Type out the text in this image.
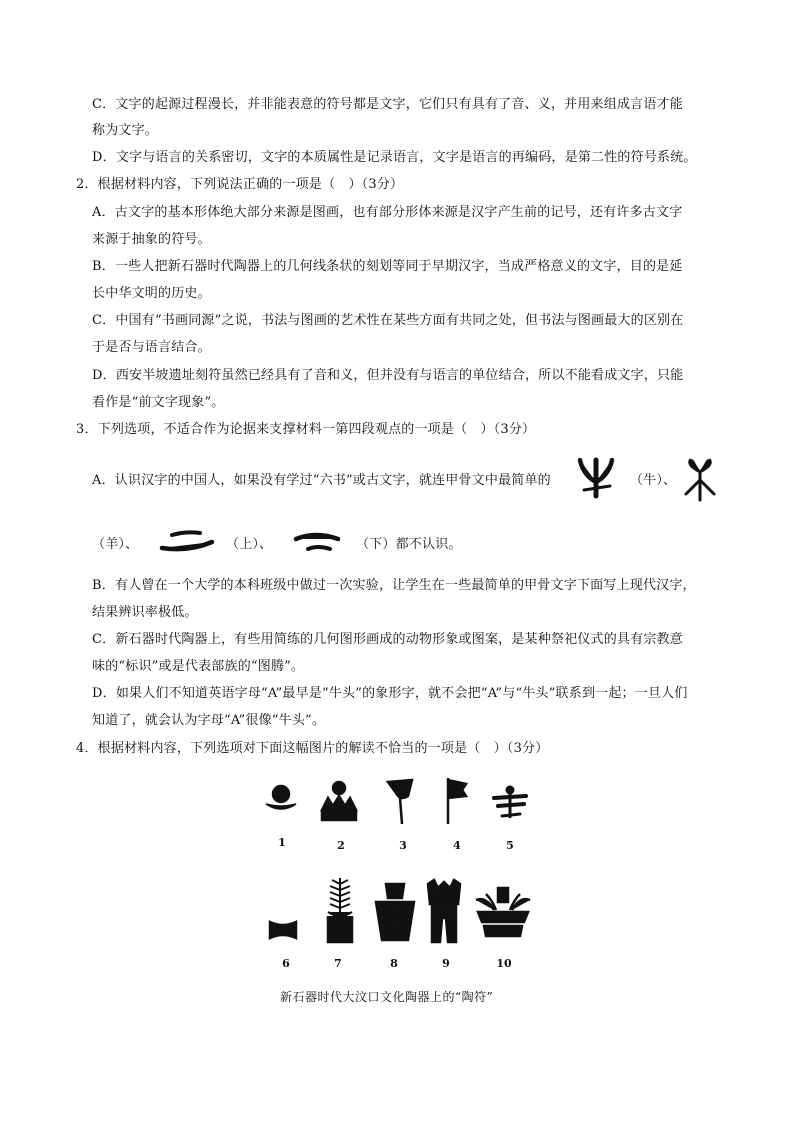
C．文字的起源过程漫长，并非能表意的符号都是文字，它们只有具有了音、义，并用来组成言语才能
称为文字。
D．文字与语言的关系密切，文字的本质属性是记录语言，文字是语言的再编码，是第二性的符号系统。
2．根据材料内容，下列说法正确的一项是（　）（3分）
A．古文字的基本形体绝大部分来源是图画，也有部分形体来源是汉字产生前的记号，还有许多古文字
来源于抽象的符号。
B．一些人把新石器时代陶器上的几何线条状的刻划等同于早期汉字，当成严格意义的文字，目的是延
长中华文明的历史。
C．中国有“书画同源”之说，书法与图画的艺术性在某些方面有共同之处，但书法与图画最大的区别在
于是否与语言结合。
D．西安半坡遗址刻符虽然已经具有了音和义，但并没有与语言的单位结合，所以不能看成文字，只能
看作是“前文字现象”。
3．下列选项，不适合作为论据来支撑材料一第四段观点的一项是（　）（3分）
A．认识汉字的中国人，如果没有学过“六书”或古文字，就连甲骨文中最简单的	（牛）、
（羊）、	（上）、	（下）都不认识。
B．有人曾在一个大学的本科班级中做过一次实验，让学生在一些最简单的甲骨文字下面写上现代汉字，
结果辨识率极低。
C．新石器时代陶器上，有些用简练的几何图形画成的动物形象或图案，是某种祭祀仪式的具有宗教意
味的“标识”或是代表部族的“图腾”。
D．如果人们不知道英语字母“A”最早是“牛头”的象形字，就不会把“A”与“牛头”联系到一起；一旦人们
知道了，就会认为字母“A”很像“牛头”。
4．根据材料内容，下列选项对下面这幅图片的解读不恰当的一项是（　）（3分）
1	2	3	4	5
6	7	8	9	10
新石器时代大汶口文化陶器上的“陶符”
